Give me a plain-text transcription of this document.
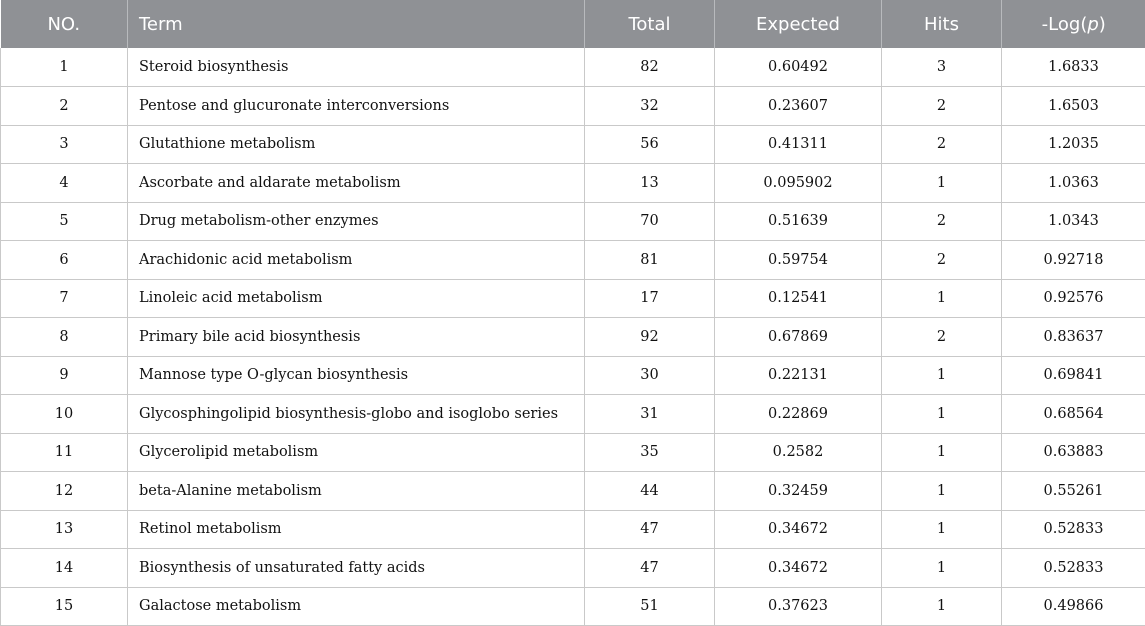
NO.	Term	Total	Expected	Hits	-Log(p)
1	Steroid biosynthesis	82	0.60492	3	1.6833
2	Pentose and glucuronate interconversions	32	0.23607	2	1.6503
3	Glutathione metabolism	56	0.41311	2	1.2035
4	Ascorbate and aldarate metabolism	13	0.095902	1	1.0363
5	Drug metabolism-other enzymes	70	0.51639	2	1.0343
6	Arachidonic acid metabolism	81	0.59754	2	0.92718
7	Linoleic acid metabolism	17	0.12541	1	0.92576
8	Primary bile acid biosynthesis	92	0.67869	2	0.83637
9	Mannose type O-glycan biosynthesis	30	0.22131	1	0.69841
10	Glycosphingolipid biosynthesis-globo and isoglobo series	31	0.22869	1	0.68564
11	Glycerolipid metabolism	35	0.2582	1	0.63883
12	beta-Alanine metabolism	44	0.32459	1	0.55261
13	Retinol metabolism	47	0.34672	1	0.52833
14	Biosynthesis of unsaturated fatty acids	47	0.34672	1	0.52833
15	Galactose metabolism	51	0.37623	1	0.49866
